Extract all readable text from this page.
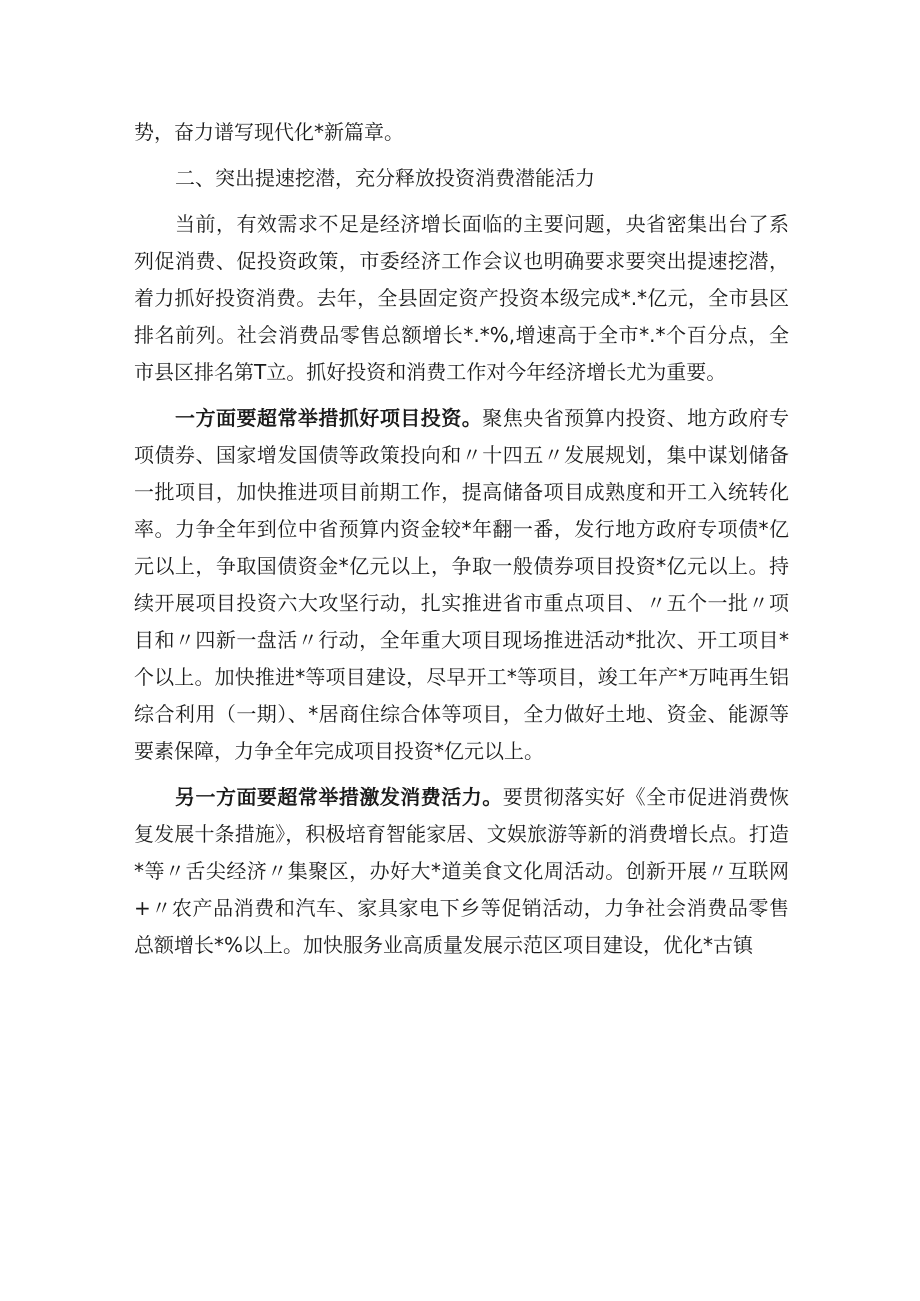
势，奋力谱写现代化*新篇章。

二、突出提速挖潜，充分释放投资消费潜能活力

当前，有效需求不足是经济增长面临的主要问题，央省密集出台了系列促消费、促投资政策，市委经济工作会议也明确要求要突出提速挖潜，着力抓好投资消费。去年，全县固定资产投资本级完成*.*亿元，全市县区排名前列。社会消费品零售总额增长*.*%,增速高于全市*.*个百分点，全市县区排名第T立。抓好投资和消费工作对今年经济增长尤为重要。

一方面要超常举措抓好项目投资。聚焦央省预算内投资、地方政府专项债券、国家增发国债等政策投向和〃十四五〃发展规划，集中谋划储备一批项目，加快推进项目前期工作，提高储备项目成熟度和开工入统转化率。力争全年到位中省预算内资金较*年翻一番，发行地方政府专项债*亿元以上，争取国债资金*亿元以上，争取一般债券项目投资*亿元以上。持续开展项目投资六大攻坚行动，扎实推进省市重点项目、〃五个一批〃项目和〃四新一盘活〃行动，全年重大项目现场推进活动*批次、开工项目*个以上。加快推进*等项目建设，尽早开工*等项目，竣工年产*万吨再生铝综合利用（一期）、*居商住综合体等项目，全力做好土地、资金、能源等要素保障，力争全年完成项目投资*亿元以上。

另一方面要超常举措激发消费活力。要贯彻落实好《全市促进消费恢复发展十条措施》，积极培育智能家居、文娱旅游等新的消费增长点。打造*等〃舌尖经济〃集聚区，办好大*道美食文化周活动。创新开展〃互联网+〃农产品消费和汽车、家具家电下乡等促销活动，力争社会消费品零售总额增长*%以上。加快服务业高质量发展示范区项目建设，优化*古镇
